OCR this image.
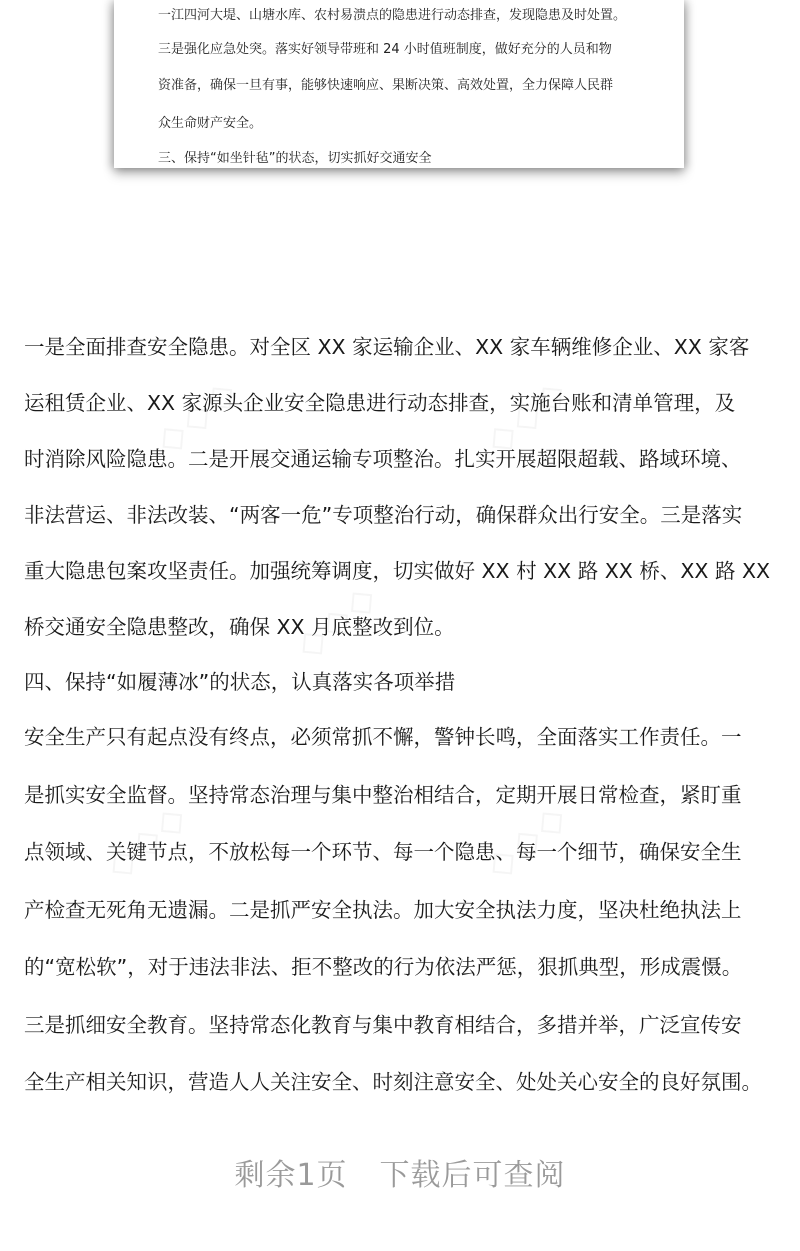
一江四河大堤、山塘水库、农村易溃点的隐患进行动态排查，发现隐患及时处置。
三是强化应急处突。落实好领导带班和 24 小时值班制度，做好充分的人员和物
资准备，确保一旦有事，能够快速响应、果断决策、高效处置，全力保障人民群
众生命财产安全。
三、保持“如坐针毡”的状态，切实抓好交通安全
◇◇◇	◇◇◇
◇◇◇
◇◇◇	◇◇◇
一是全面排查安全隐患。对全区 XX 家运输企业、XX 家车辆维修企业、XX 家客
运租赁企业、XX 家源头企业安全隐患进行动态排查，实施台账和清单管理，及
时消除风险隐患。二是开展交通运输专项整治。扎实开展超限超载、路域环境、
非法营运、非法改装、“两客一危”专项整治行动，确保群众出行安全。三是落实
重大隐患包案攻坚责任。加强统筹调度，切实做好 XX 村 XX 路 XX 桥、XX 路 XX
桥交通安全隐患整改，确保 XX 月底整改到位。
四、保持“如履薄冰”的状态，认真落实各项举措
安全生产只有起点没有终点，必须常抓不懈，警钟长鸣，全面落实工作责任。一
是抓实安全监督。坚持常态治理与集中整治相结合，定期开展日常检查，紧盯重
点领域、关键节点，不放松每一个环节、每一个隐患、每一个细节，确保安全生
产检查无死角无遗漏。二是抓严安全执法。加大安全执法力度，坚决杜绝执法上
的“宽松软”，对于违法非法、拒不整改的行为依法严惩，狠抓典型，形成震慑。
三是抓细安全教育。坚持常态化教育与集中教育相结合，多措并举，广泛宣传安
全生产相关知识，营造人人关注安全、时刻注意安全、处处关心安全的良好氛围。
剩余1页 下载后可查阅
